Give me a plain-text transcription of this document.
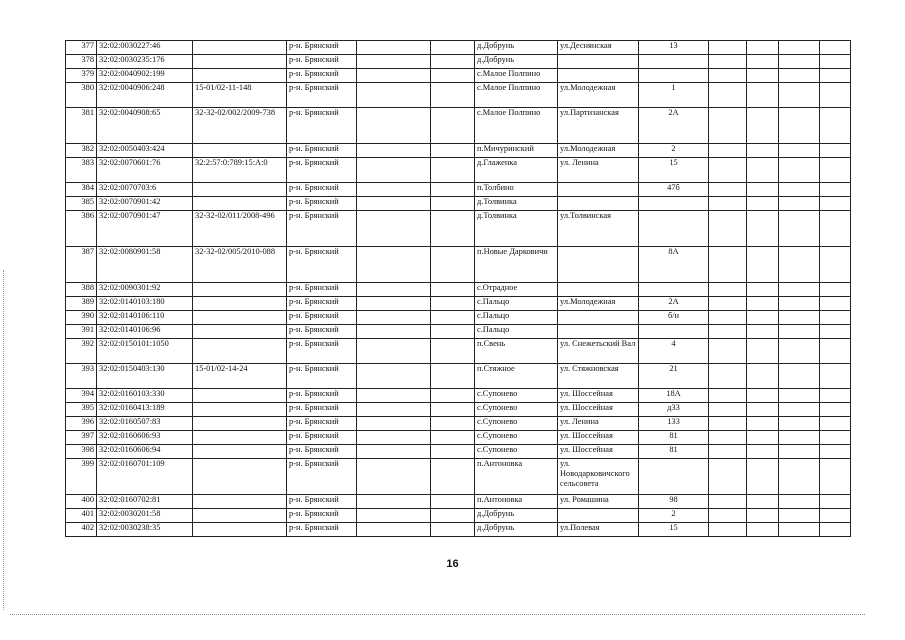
377	32:02:0030227:46		р-н. Брянский			д.Добрунь	ул.Деснянская	13				
378	32:02:0030235:176		р-н. Брянский			д.Добрунь						
379	32:02:0040902:199		р-н. Брянский			с.Малое Полпино						
380	32:02:0040906:248	15-01/02-11-148	р-н. Брянский			с.Малое Полпино	ул.Молодежная	1				
381	32:02:0040908:65	32-32-02/002/2009-738	р-н. Брянский			с.Малое Полпино	ул.Партизанская	2А				
382	32:02:0050403:424		р-н. Брянский			п.Мичуринский	ул.Молодежная	2				
383	32:02:0070601:76	32:2:57:0:789:15:А:0	р-н. Брянский			д.Глаженка	ул. Ленина	15				
384	32:02:0070703:6		р-н. Брянский			п.Толбино		47б				
385	32:02:0070901:42		р-н. Брянский			д.Толвинка						
386	32:02:0070901:47	32-32-02/011/2008-496	р-н. Брянский			д.Толвинка	ул.Толвинская					
387	32:02:0080901:58	32-32-02/005/2010-088	р-н. Брянский			п.Новые Дарковичи		8А				
388	32:02:0090301:92		р-н. Брянский			с.Отрадное						
389	32:02:0140103:180		р-н. Брянский			с.Пальцо	ул.Молодежная	2А				
390	32:02:0140106:110		р-н. Брянский			с.Пальцо		б/н				
391	32:02:0140106:96		р-н. Брянский			с.Пальцо						
392	32:02:0150101:1050		р-н. Брянский			п.Свень	ул. Снежетьский Вал	4				
393	32:02:0150403:130	15-01/02-14-24	р-н. Брянский			п.Стяжное	ул. Стяжновская	21				
394	32:02:0160103:330		р-н. Брянский			с.Супонево	ул. Шоссейная	18А				
395	32:02:0160413:189		р-н. Брянский			с.Супонево	ул. Шоссейная	д33				
396	32:02:0160507:83		р-н. Брянский			с.Супонево	ул. Ленина	133				
397	32:02:0160606:93		р-н. Брянский			с.Супонево	ул. Шоссейная	81				
398	32:02:0160606:94		р-н. Брянский			с.Супонево	ул. Шоссейная	81				
399	32:02:0160701:109		р-н. Брянский			п.Антоновка	ул. Новодарковичского сельсовета					
400	32:02:0160702:81		р-н. Брянский			п.Антоновка	ул. Ромашина	98				
401	32:02:0030201:58		р-н. Брянский			д.Добрунь		2				
402	32:02:0030238:35		р-н. Брянский			д.Добрунь	ул.Полевая	15				
16
